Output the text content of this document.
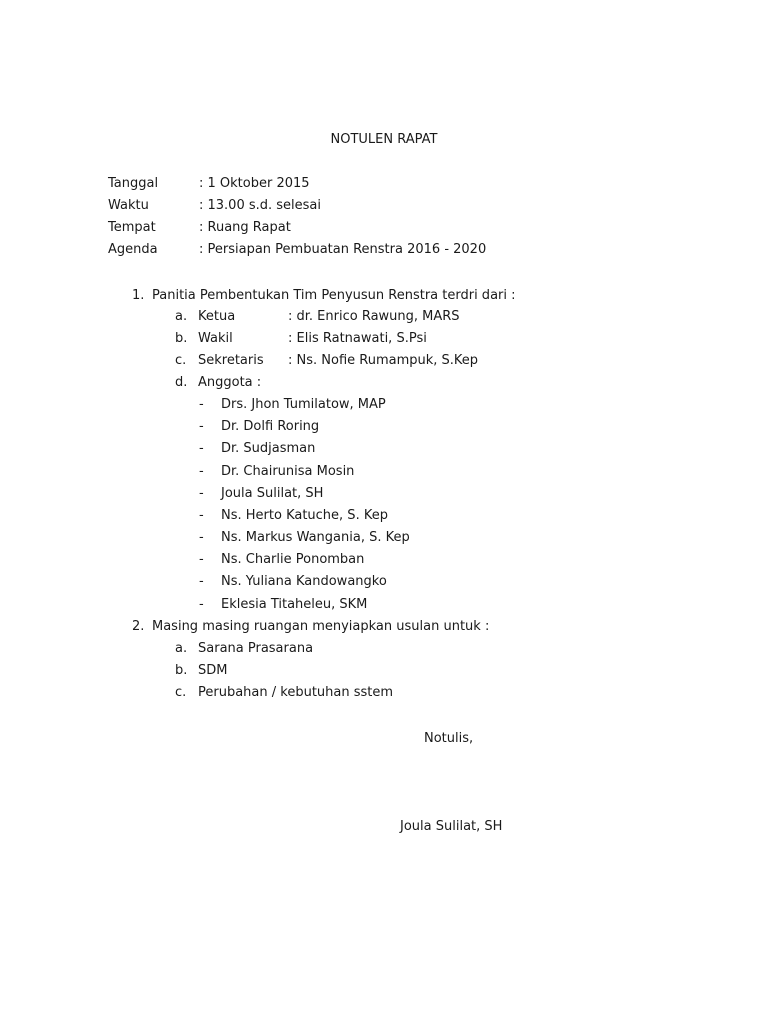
NOTULEN RAPAT
Tanggal	: 1 Oktober 2015
Waktu	: 13.00 s.d. selesai
Tempat	: Ruang Rapat
Agenda	: Persiapan Pembuatan Renstra 2016 - 2020
1. Panitia Pembentukan Tim Penyusun Renstra terdri dari :
a. Ketua	: dr. Enrico Rawung, MARS
b. Wakil	: Elis Ratnawati, S.Psi
c. Sekretaris : Ns. Nofie Rumampuk, S.Kep
d. Anggota :
- Drs. Jhon Tumilatow, MAP
- Dr. Dolfi Roring
- Dr. Sudjasman
- Dr. Chairunisa Mosin
- Joula Sulilat, SH
- Ns. Herto Katuche, S. Kep
- Ns. Markus Wangania, S. Kep
- Ns. Charlie Ponomban
- Ns. Yuliana Kandowangko
- Eklesia Titaheleu, SKM
2. Masing masing ruangan menyiapkan usulan untuk :
a. Sarana Prasarana
b. SDM
c. Perubahan / kebutuhan sstem
Notulis,
Joula Sulilat, SH
